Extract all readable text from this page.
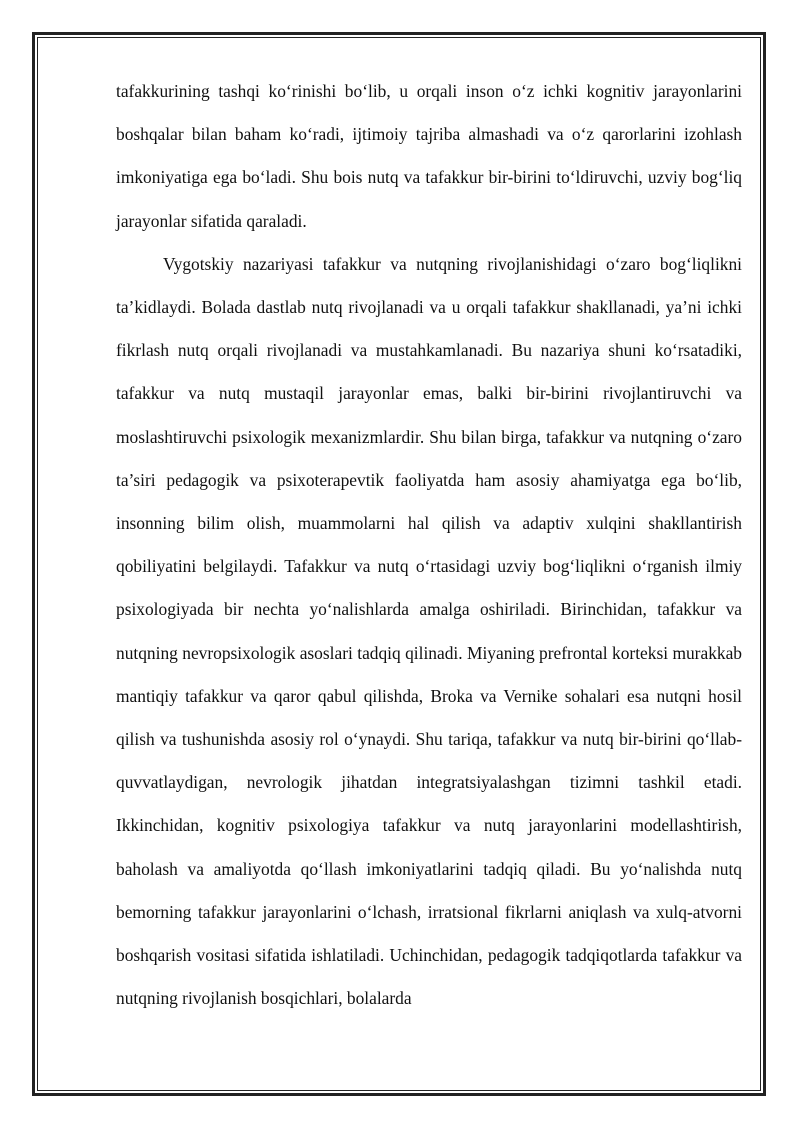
tafakkurining tashqi ko‘rinishi bo‘lib, u orqali inson o‘z ichki kognitiv jarayonlarini boshqalar bilan baham ko‘radi, ijtimoiy tajriba almashadi va o‘z qarorlarini izohlash imkoniyatiga ega bo‘ladi. Shu bois nutq va tafakkur bir-birini to‘ldiruvchi, uzviy bog‘liq jarayonlar sifatida qaraladi.

Vygotskiy nazariyasi tafakkur va nutqning rivojlanishidagi o‘zaro bog‘liqlikni ta’kidlaydi. Bolada dastlab nutq rivojlanadi va u orqali tafakkur shakllanadi, ya’ni ichki fikrlash nutq orqali rivojlanadi va mustahkamlanadi. Bu nazariya shuni ko‘rsatadiki, tafakkur va nutq mustaqil jarayonlar emas, balki bir-birini rivojlantiruvchi va moslashtiruvchi psixologik mexanizmlardir. Shu bilan birga, tafakkur va nutqning o‘zaro ta’siri pedagogik va psixoterapevtik faoliyatda ham asosiy ahamiyatga ega bo‘lib, insonning bilim olish, muammolarni hal qilish va adaptiv xulqini shakllantirish qobiliyatini belgilaydi. Tafakkur va nutq o‘rtasidagi uzviy bog‘liqlikni o‘rganish ilmiy psixologiyada bir nechta yo‘nalishlarda amalga oshiriladi. Birinchidan, tafakkur va nutqning nevropsixologik asoslari tadqiq qilinadi. Miyaning prefrontal korteksi murakkab mantiqiy tafakkur va qaror qabul qilishda, Broka va Vernike sohalari esa nutqni hosil qilish va tushunishda asosiy rol o‘ynaydi. Shu tariqa, tafakkur va nutq bir-birini qo‘llab-quvvatlaydigan, nevrologik jihatdan integratsiyalashgan tizimni tashkil etadi. Ikkinchidan, kognitiv psixologiya tafakkur va nutq jarayonlarini modellashtirish, baholash va amaliyotda qo‘llash imkoniyatlarini tadqiq qiladi. Bu yo‘nalishda nutq bemorning tafakkur jarayonlarini o‘lchash, irratsional fikrlarni aniqlash va xulq-atvorni boshqarish vositasi sifatida ishlatiladi. Uchinchidan, pedagogik tadqiqotlarda tafakkur va nutqning rivojlanish bosqichlari, bolalarda
